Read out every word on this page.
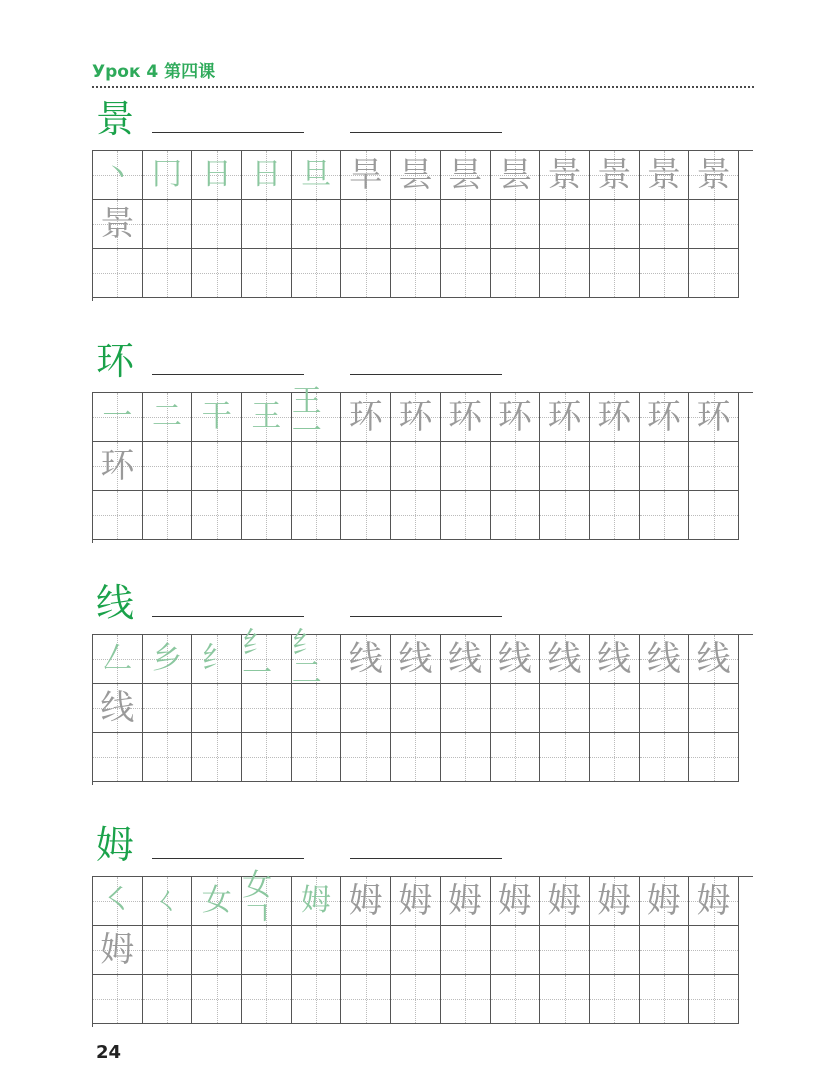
Урок 4 第四课
景
丶 冂 日 日 旦 旱 昙 昙 昙 景 景 景 景
景
环
一 二 干 王 王一 环 环 环 环 环 环 环 环
环
线
𠃋 乡 纟 纟一
纟二 线 线 线 线 线 线 线 线
线
姆
㇛ ㄑ 女 女𠃍 姆 姆 姆 姆 姆 姆 姆 姆 姆
姆
24
